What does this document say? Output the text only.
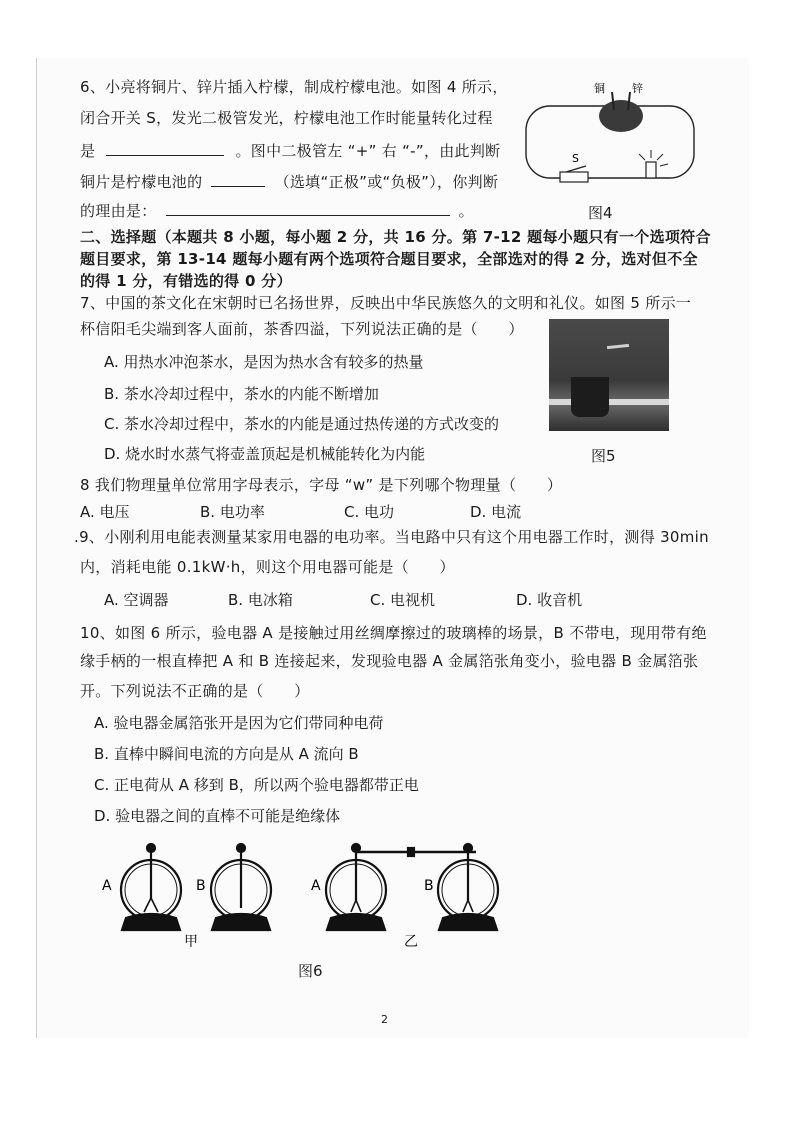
6、小亮将铜片、锌片插入柠檬，制成柠檬电池。如图 4 所示，
闭合开关 S，发光二极管发光，柠檬电池工作时能量转化过程
是	。图中二极管左 “+” 右 “-”，由此判断
铜片是柠檬电池的	（选填“正极”或“负极”），你判断
的理由是：	。
铜 锌
S
图4
二、选择题（本题共 8 小题，每小题 2 分，共 16 分。第 7-12 题每小题只有一个选项符合
题目要求，第 13-14 题每小题有两个选项符合题目要求，全部选对的得 2 分，选对但不全
的得 1 分，有错选的得 0 分）
7、中国的茶文化在宋朝时已名扬世界，反映出中华民族悠久的文明和礼仪。如图 5 所示一
杯信阳毛尖端到客人面前，茶香四溢，下列说法正确的是（　　）
A. 用热水冲泡茶水，是因为热水含有较多的热量
B. 茶水冷却过程中，茶水的内能不断增加
C. 茶水冷却过程中，茶水的内能是通过热传递的方式改变的
D. 烧水时水蒸气将壶盖顶起是机械能转化为内能	图5
8 我们物理量单位常用字母表示，字母 “w” 是下列哪个物理量（　　）
A. 电压	B. 电功率	C. 电功	D. 电流
.9、小刚利用电能表测量某家用电器的电功率。当电路中只有这个用电器工作时，测得 30min
内，消耗电能 0.1kW·h，则这个用电器可能是（　　）
A. 空调器	B. 电冰箱	C. 电视机	D. 收音机
10、如图 6 所示，验电器 A 是接触过用丝绸摩擦过的玻璃棒的场景，B 不带电，现用带有绝
缘手柄的一根直棒把 A 和 B 连接起来，发现验电器 A 金属箔张角变小，验电器 B 金属箔张
开。下列说法不正确的是（　　）
A. 验电器金属箔张开是因为它们带同种电荷
B. 直棒中瞬间电流的方向是从 A 流向 B
C. 正电荷从 A 移到 B，所以两个验电器都带正电
D. 验电器之间的直棒不可能是绝缘体
A	B	A	B
甲	乙
图6
2
